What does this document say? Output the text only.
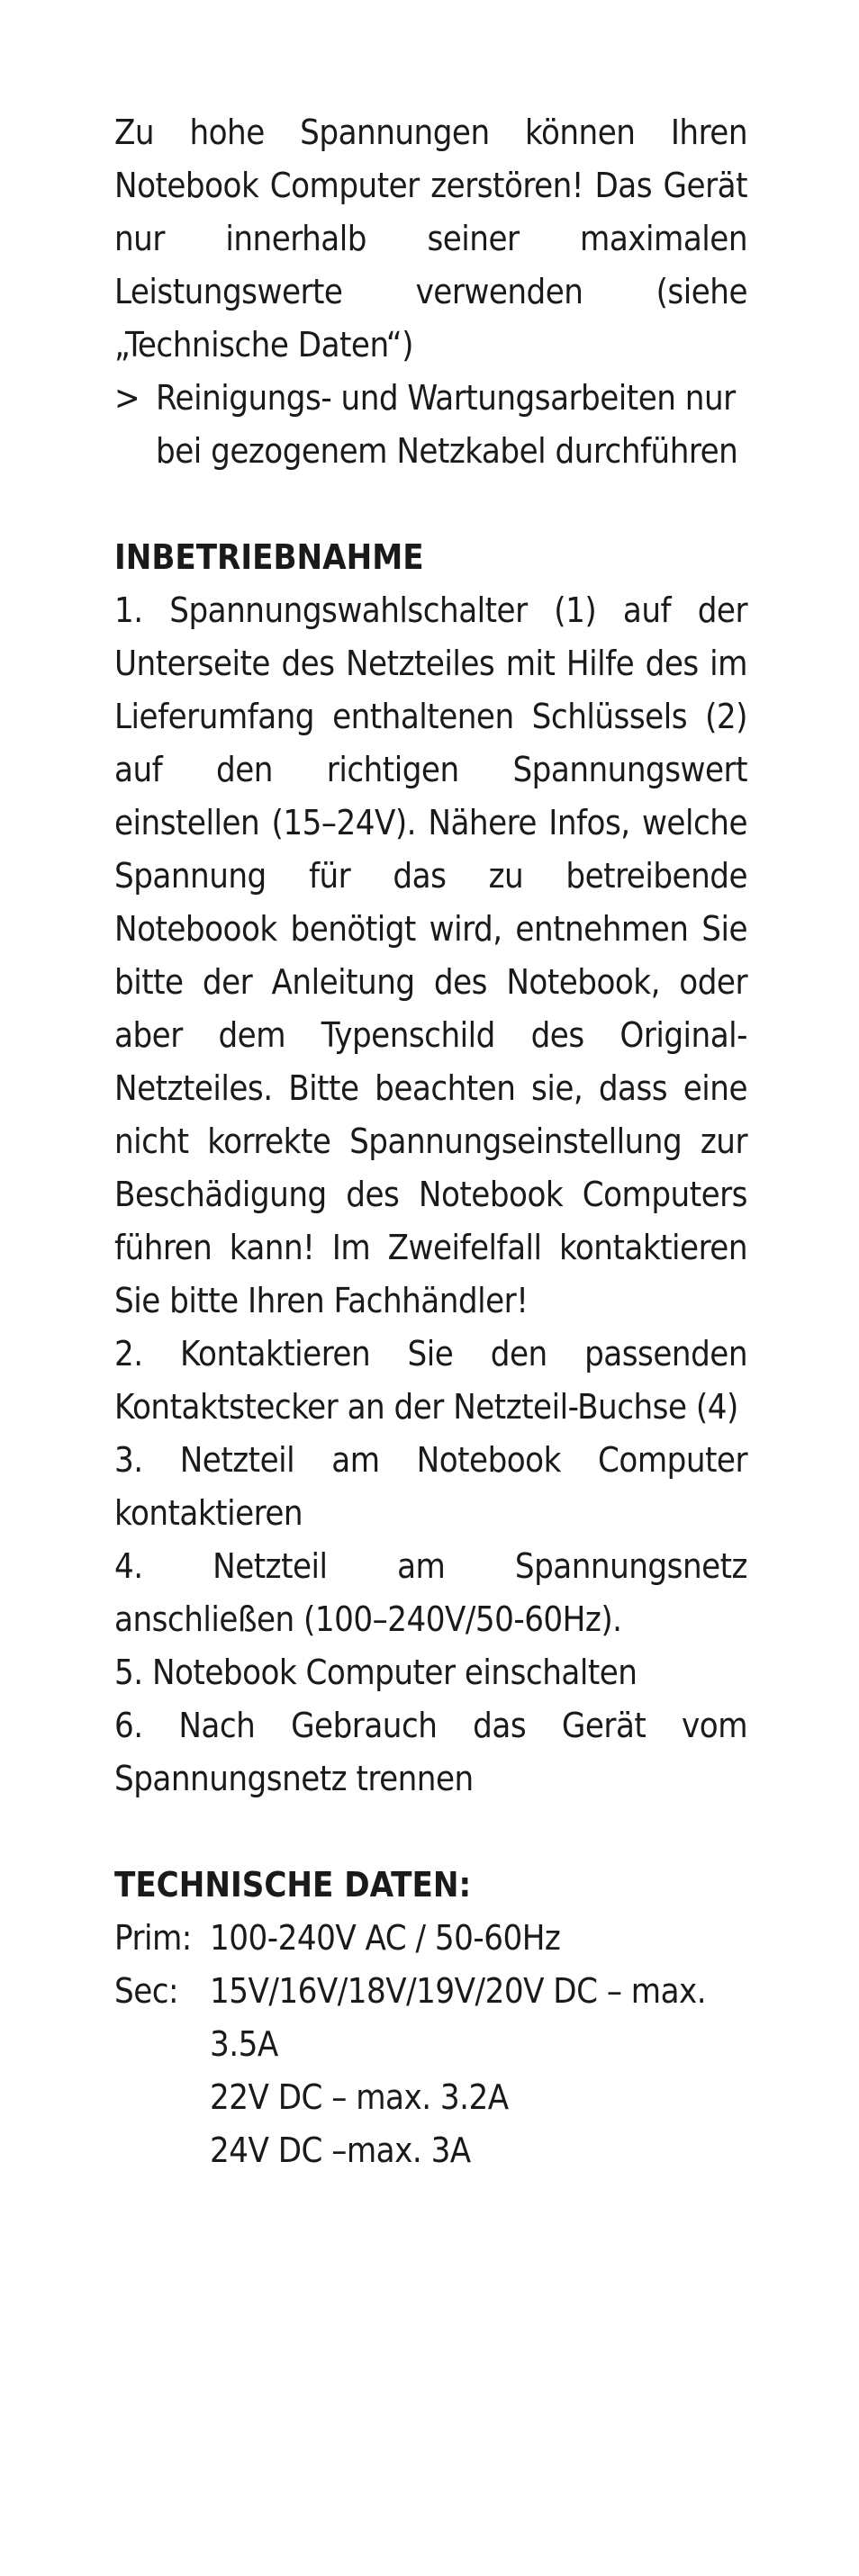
Zu hohe Spannungen können Ihren Notebook Computer zerstören! Das Gerät nur innerhalb seiner maximalen Leistungswerte verwenden (siehe „Technische Daten“)

> Reinigungs- und Wartungsarbeiten nur bei gezogenem Netzkabel durchführen
INBETRIEBNAHME

1. Spannungswahlschalter (1) auf der Unterseite des Netzteiles mit Hilfe des im Lieferumfang enthaltenen Schlüssels (2) auf den richtigen Spannungswert einstellen (15–24V). Nähere Infos, welche Spannung für das zu betreibende Noteboook benötigt wird, entnehmen Sie bitte der Anleitung des Notebook, oder aber dem Typenschild des Original-Netzteiles. Bitte beachten sie, dass eine nicht korrekte Spannungseinstellung zur Beschädigung des Notebook Computers führen kann! Im Zweifelfall kontaktieren Sie bitte Ihren Fachhändler!

2. Kontaktieren Sie den passenden Kontaktstecker an der Netzteil-Buchse (4)

3. Netzteil am Notebook Computer kontaktieren

4. Netzteil am Spannungsnetz anschließen (100–240V/50-60Hz).

5. Notebook Computer einschalten

6. Nach Gebrauch das Gerät vom Spannungsnetz trennen

TECHNISCHE DATEN:
Prim: 100-240V AC / 50-60Hz
Sec: 15V/16V/18V/19V/20V DC – max. 3.5A
22V DC – max. 3.2A
24V DC –max. 3A
